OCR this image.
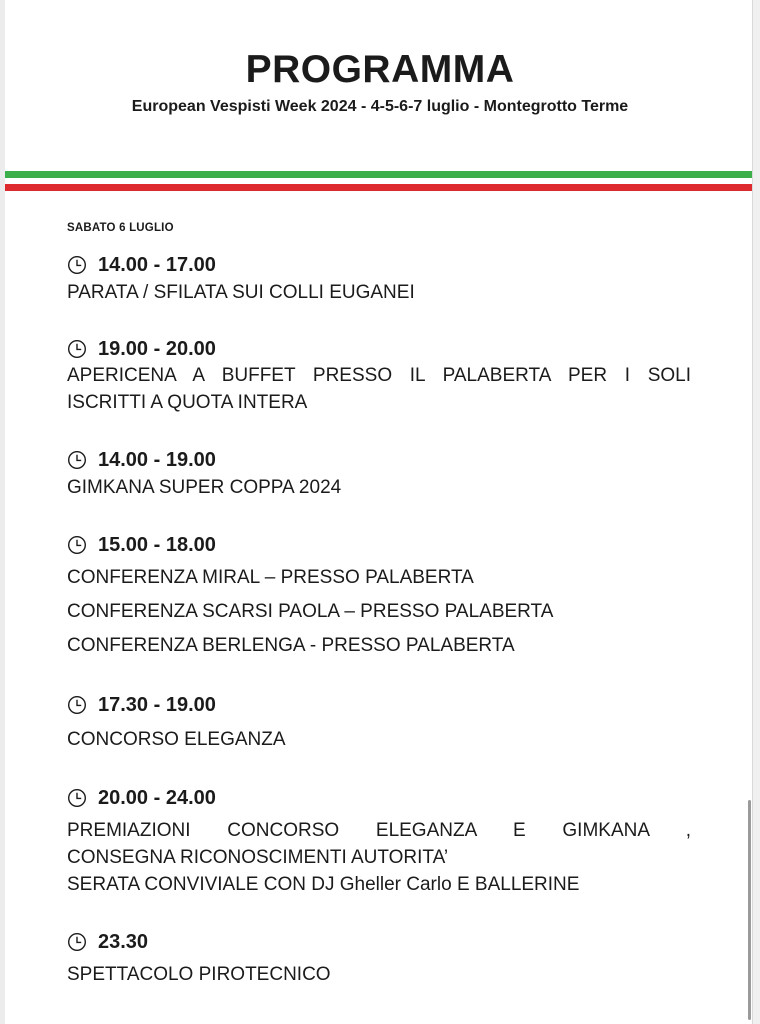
PROGRAMMA
European Vespisti Week 2024 - 4-5-6-7 luglio - Montegrotto Terme
SABATO 6 LUGLIO
14.00 - 17.00
PARATA / SFILATA SUI COLLI EUGANEI
19.00 - 20.00
APERICENA A BUFFET PRESSO IL PALABERTA PER I SOLI
ISCRITTI A QUOTA INTERA
14.00 - 19.00
GIMKANA SUPER COPPA 2024
15.00 - 18.00
CONFERENZA MIRAL – PRESSO PALABERTA
CONFERENZA SCARSI PAOLA – PRESSO PALABERTA
CONFERENZA BERLENGA - PRESSO PALABERTA
17.30 - 19.00
CONCORSO ELEGANZA
20.00 - 24.00
PREMIAZIONI CONCORSO ELEGANZA E GIMKANA ,
CONSEGNA RICONOSCIMENTI AUTORITA’
SERATA CONVIVIALE CON DJ Gheller Carlo E BALLERINE
23.30
SPETTACOLO PIROTECNICO
